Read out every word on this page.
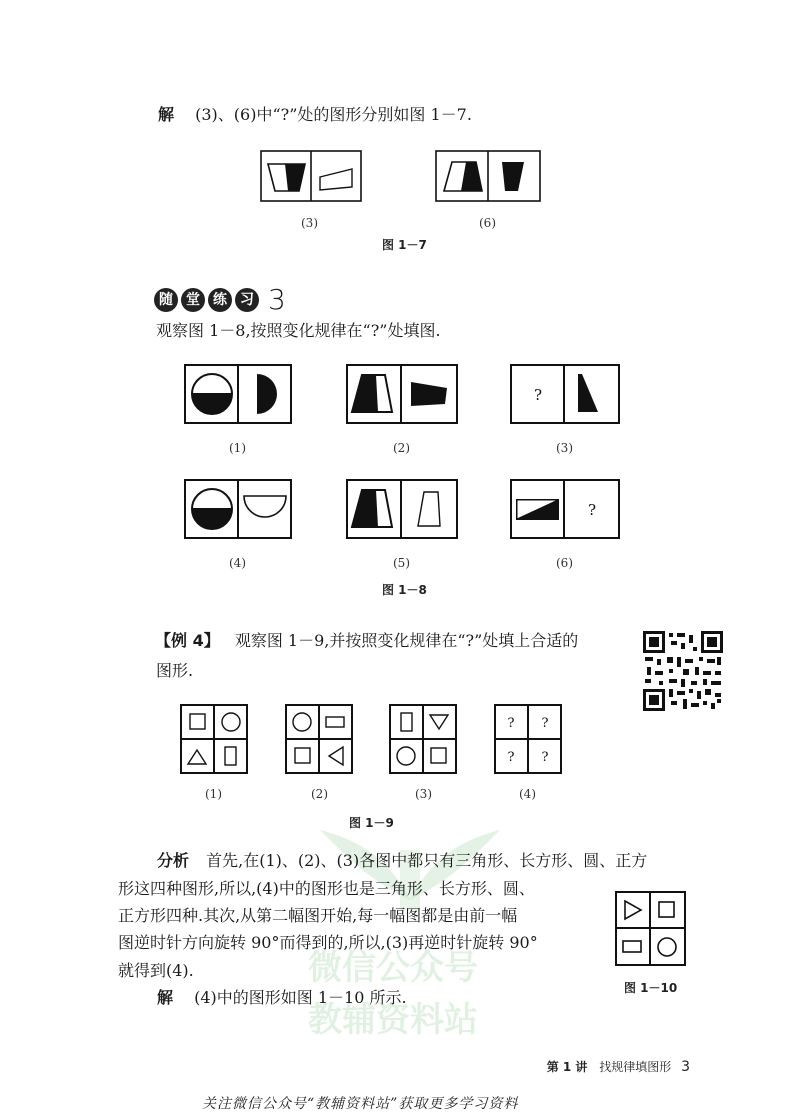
微信公众号
教辅资料站
解 (3)、(6)中“?”处的图形分别如图 1－7.
(3)	(6)
图 1－7
随 堂 练 习 3
观察图 1－8,按照变化规律在“?”处填图.
?
?
(1)	(2)	(3)
(4)	(5)	(6)
图 1－8
【例 4】 观察图 1－9,并按照变化规律在“?”处填上合适的
图形.
? ?
? ?
(1)	(2)	(3)	(4)
图 1－9
分析 首先,在(1)、(2)、(3)各图中都只有三角形、长方形、圆、正方
形这四种图形,所以,(4)中的图形也是三角形、长方形、圆、
正方形四种.其次,从第二幅图开始,每一幅图都是由前一幅
图逆时针方向旋转 90°而得到的,所以,(3)再逆时针旋转 90°
就得到(4).
图 1－10
解 (4)中的图形如图 1－10 所示.
第 1 讲 找规律填图形 3
关注微信公众号“教辅资料站”获取更多学习资料
